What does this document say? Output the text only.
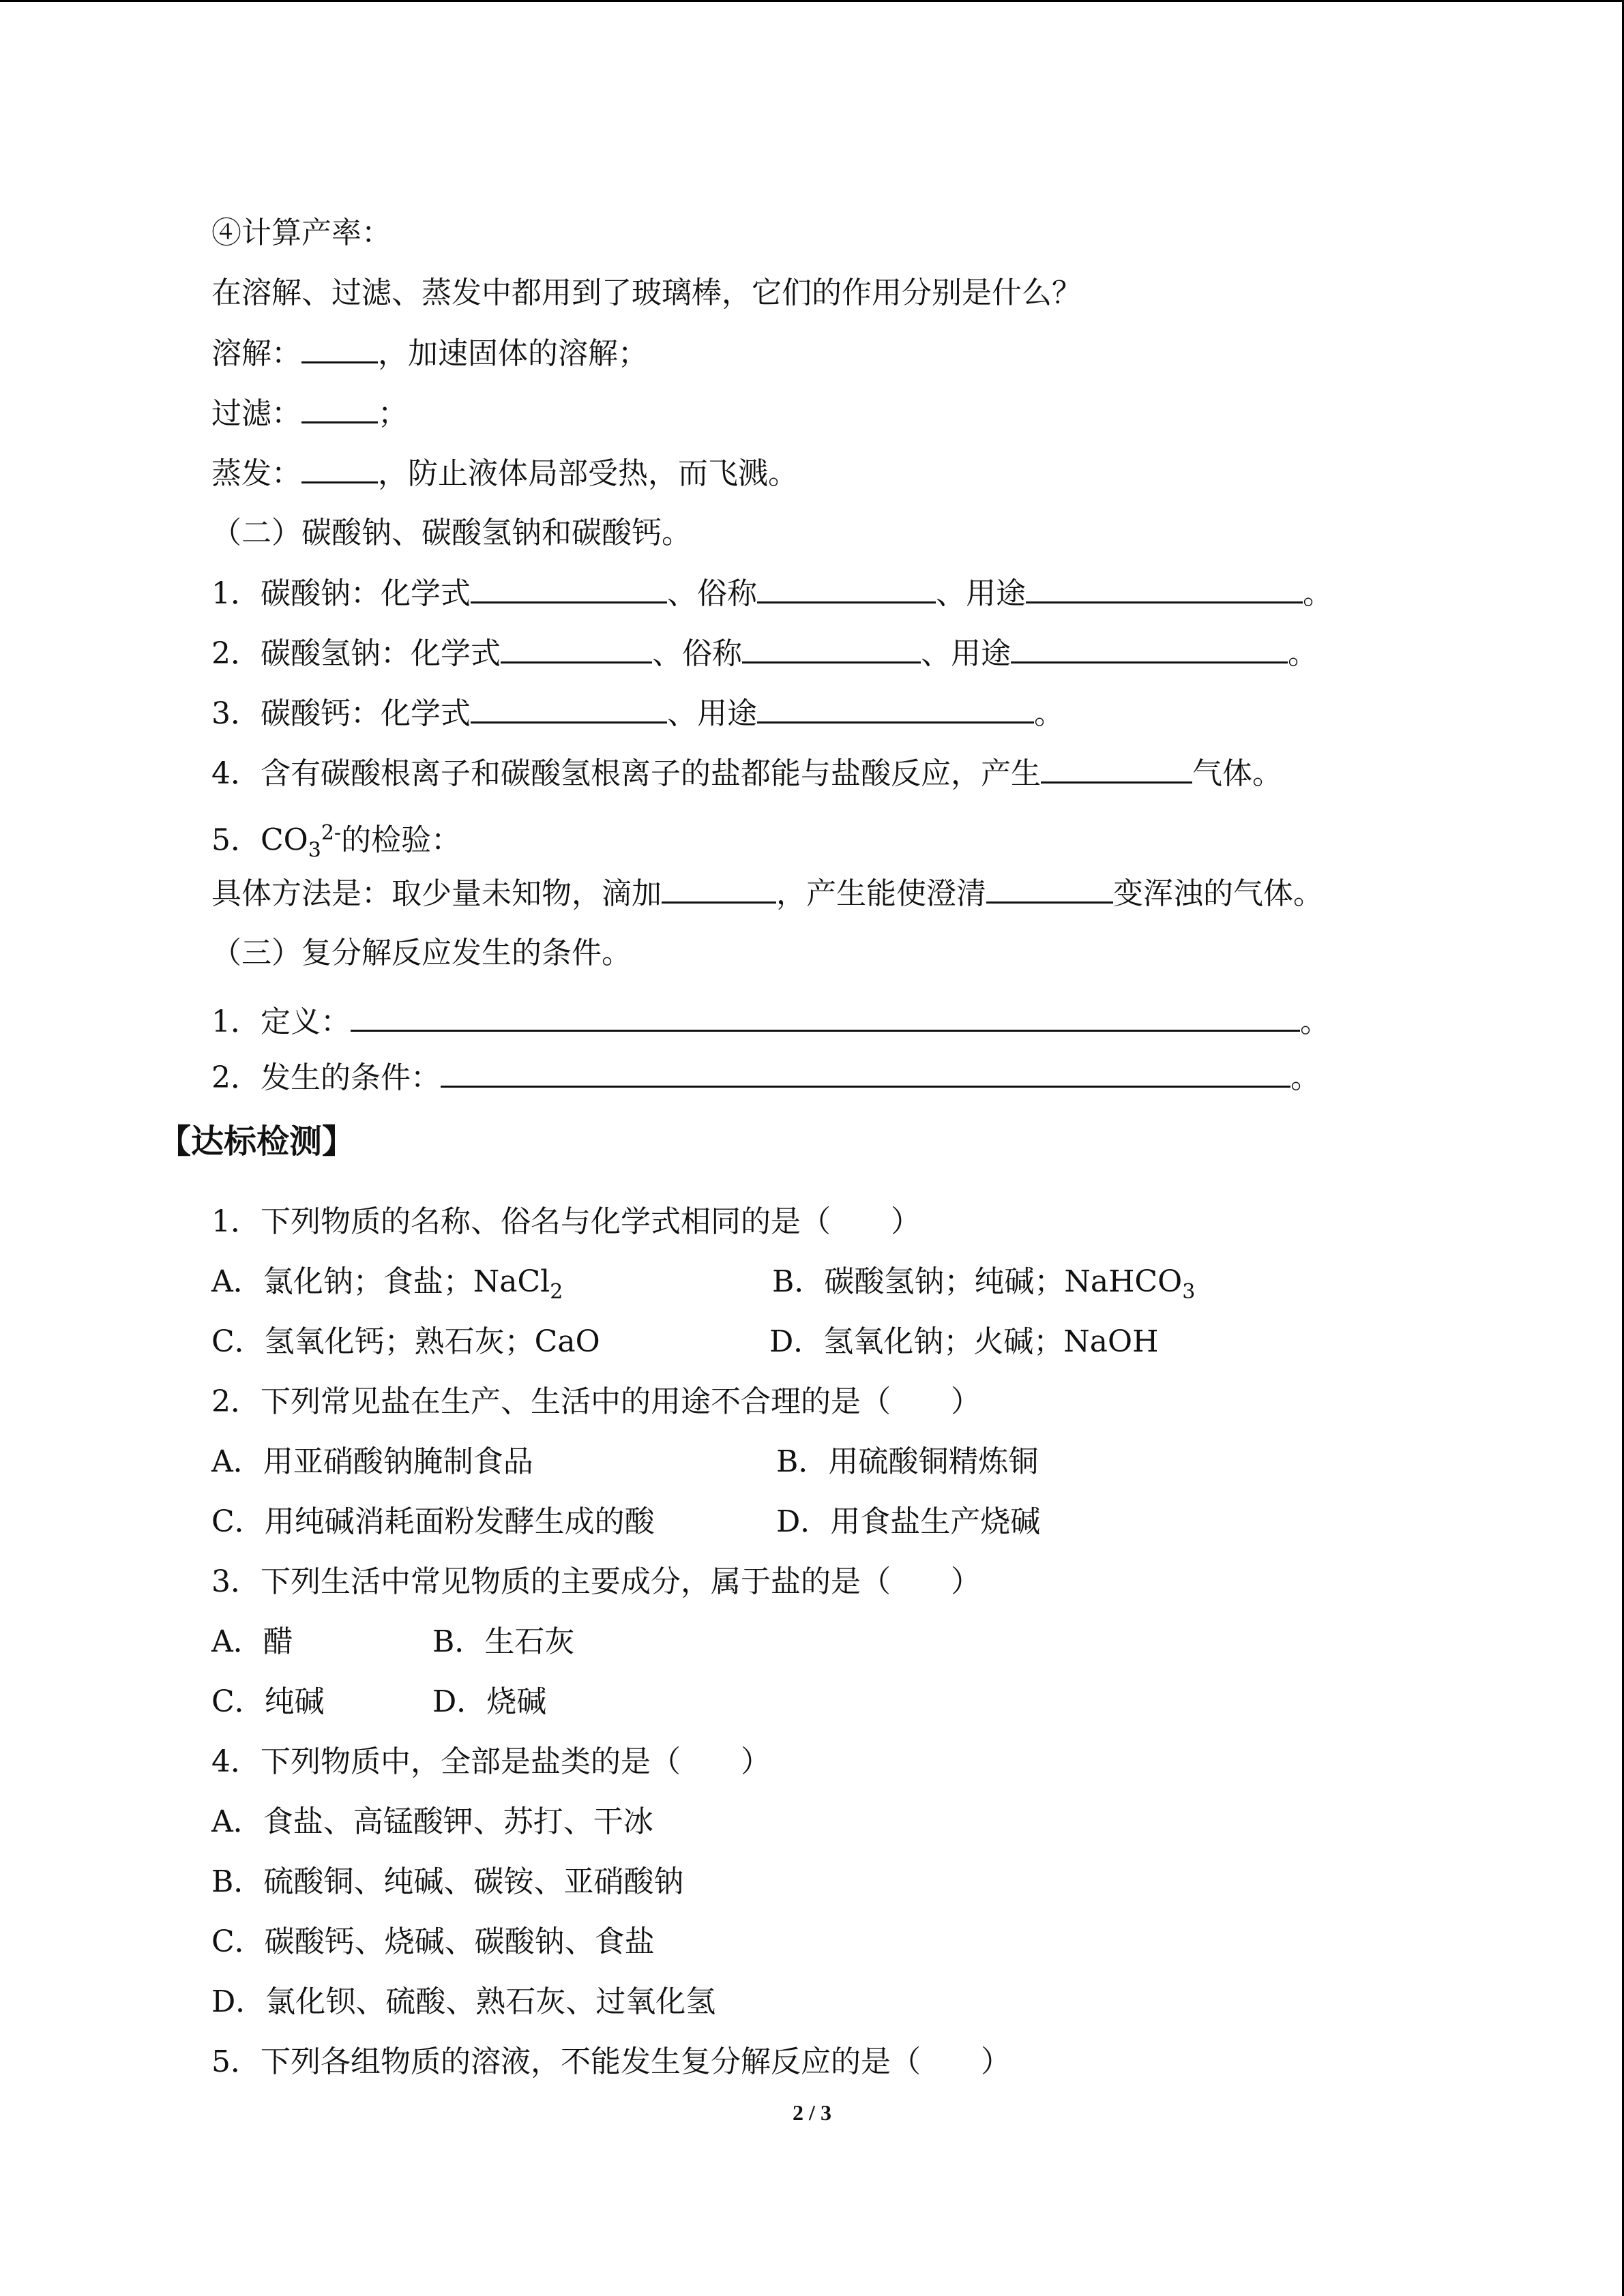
④计算产率：
在溶解、过滤、蒸发中都用到了玻璃棒，它们的作用分别是什么？
溶解：	，加速固体的溶解；
过滤：	；
蒸发：	，防止液体局部受热，而飞溅。
（二）碳酸钠、碳酸氢钠和碳酸钙。
1．碳酸钠：化学式	、俗称	、用途	。
2．碳酸氢钠：化学式	、俗称	、用途	。
3．碳酸钙：化学式	、用途	。
4．含有碳酸根离子和碳酸氢根离子的盐都能与盐酸反应，产生	气体。
5．$CO_3^{2-}$的检验：
具体方法是：取少量未知物，滴加	，产生能使澄清	变浑浊的气体。
（三）复分解反应发生的条件。
1．定义：	。
2．发生的条件：	。
【达标检测】
1．下列物质的名称、俗名与化学式相同的是（　　）
A．氯化钠；食盐；NaCl$_2$	B．碳酸氢钠；纯碱；NaHCO$_3$
C．氢氧化钙；熟石灰；CaO	D．氢氧化钠；火碱；NaOH
2．下列常见盐在生产、生活中的用途不合理的是（　　）
A．用亚硝酸钠腌制食品	B．用硫酸铜精炼铜
C．用纯碱消耗面粉发酵生成的酸	D．用食盐生产烧碱
3．下列生活中常见物质的主要成分，属于盐的是（　　）
A．醋	B．生石灰
C．纯碱	D．烧碱
4．下列物质中，全部是盐类的是（　　）
A．食盐、高锰酸钾、苏打、干冰
B．硫酸铜、纯碱、碳铵、亚硝酸钠
C．碳酸钙、烧碱、碳酸钠、食盐
D．氯化钡、硫酸、熟石灰、过氧化氢
5．下列各组物质的溶液，不能发生复分解反应的是（　　）
2 / 3
